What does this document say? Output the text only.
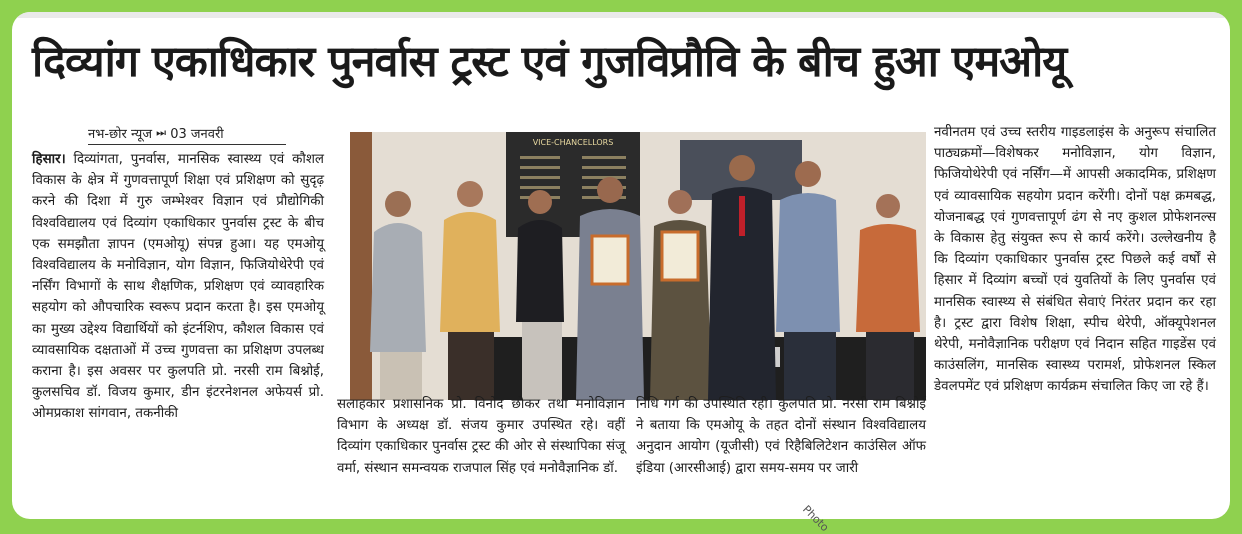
दिव्यांग एकाधिकार पुनर्वास ट्रस्ट एवं गुजविप्रौवि के बीच हुआ एमओयू
नभ-छोर न्यूज ⏭ 03 जनवरी

हिसार। दिव्यांगता, पुनर्वास, मानसिक स्वास्थ्य एवं कौशल विकास के क्षेत्र में गुणवत्तापूर्ण शिक्षा एवं प्रशिक्षण को सुदृढ़ करने की दिशा में गुरु जम्भेश्वर विज्ञान एवं प्रौद्योगिकी विश्वविद्यालय एवं दिव्यांग एकाधिकार पुनर्वास ट्रस्ट के बीच एक समझौता ज्ञापन (एमओयू) संपन्न हुआ। यह एमओयू विश्वविद्यालय के मनोविज्ञान, योग विज्ञान, फिजियोथेरेपी एवं नर्सिंग विभागों के साथ शैक्षणिक, प्रशिक्षण एवं व्यावहारिक सहयोग को औपचारिक स्वरूप प्रदान करता है। इस एमओयू का मुख्य उद्देश्य विद्यार्थियों को इंटर्नशिप, कौशल विकास एवं व्यावसायिक दक्षताओं में उच्च गुणवत्ता का प्रशिक्षण उपलब्ध कराना है। इस अवसर पर कुलपति प्रो. नरसी राम बिश्नोई, कुलसचिव डॉ. विजय कुमार, डीन इंटरनेशनल अफेयर्स प्रो. ओमप्रकाश सांगवान, तकनीकी

VICE-CHANCELLORS

सलाहकार प्रशासनिक प्रो. विनोद छोकर तथा मनोविज्ञान विभाग के अध्यक्ष डॉ. संजय कुमार उपस्थित रहे। वहीं दिव्यांग एकाधिकार पुनर्वास ट्रस्ट की ओर से संस्थापिका संजू वर्मा, संस्थान समन्वयक राजपाल सिंह एवं मनोवैज्ञानिक डॉ.

निधि गर्ग की उपस्थिति रही। कुलपति प्रो. नरसी राम बिश्नोई ने बताया कि एमओयू के तहत दोनों संस्थान विश्वविद्यालय अनुदान आयोग (यूजीसी) एवं रिहैबिलिटेशन काउंसिल ऑफ इंडिया (आरसीआई) द्वारा समय-समय पर जारी

नवीनतम एवं उच्च स्तरीय गाइडलाइंस के अनुरूप संचालित पाठ्यक्रमों—विशेषकर मनोविज्ञान, योग विज्ञान, फिजियोथेरेपी एवं नर्सिंग—में आपसी अकादमिक, प्रशिक्षण एवं व्यावसायिक सहयोग प्रदान करेंगी। दोनों पक्ष क्रमबद्ध, योजनाबद्ध एवं गुणवत्तापूर्ण ढंग से नए कुशल प्रोफेशनल्स के विकास हेतु संयुक्त रूप से कार्य करेंगे। उल्लेखनीय है कि दिव्यांग एकाधिकार पुनर्वास ट्रस्ट पिछले कई वर्षों से हिसार में दिव्यांग बच्चों एवं युवतियों के लिए पुनर्वास एवं मानसिक स्वास्थ्य से संबंधित सेवाएं निरंतर प्रदान कर रहा है। ट्रस्ट द्वारा विशेष शिक्षा, स्पीच थेरेपी, ऑक्यूपेशनल थेरेपी, मनोवैज्ञानिक परीक्षण एवं निदान सहित गाइडेंस एवं काउंसलिंग, मानसिक स्वास्थ्य परामर्श, प्रोफेशनल स्किल डेवलपमेंट एवं प्रशिक्षण कार्यक्रम संचालित किए जा रहे हैं।

Photo
